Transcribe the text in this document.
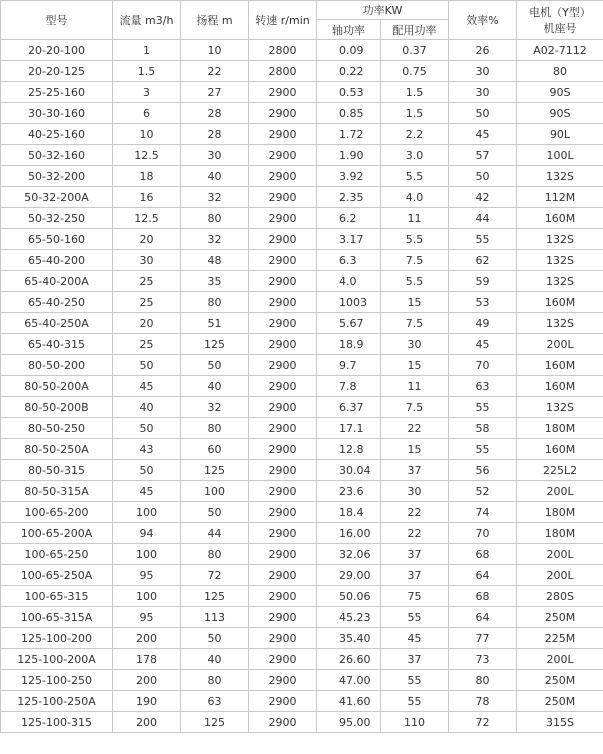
型号	流量 m3/h	扬程 m	转速 r/min	功率KW		效率%	电机（Y型）
机座号

				轴功率	配用功率		
20-20-100	1	10	2800	0.09	0.37	26	A02-7112
20-20-125	1.5	22	2800	0.22	0.75	30	80
25-25-160	3	27	2900	0.53	1.5	30	90S
30-30-160	6	28	2900	0.85	1.5	50	90S
40-25-160	10	28	2900	1.72	2.2	45	90L
50-32-160	12.5	30	2900	1.90	3.0	57	100L
50-32-200	18	40	2900	3.92	5.5	50	132S
50-32-200A	16	32	2900	2.35	4.0	42	112M
50-32-250	12.5	80	2900	6.2	11	44	160M
65-50-160	20	32	2900	3.17	5.5	55	132S
65-40-200	30	48	2900	6.3	7.5	62	132S
65-40-200A	25	35	2900	4.0	5.5	59	132S
65-40-250	25	80	2900	1003	15	53	160M
65-40-250A	20	51	2900	5.67	7.5	49	132S
65-40-315	25	125	2900	18.9	30	45	200L
80-50-200	50	50	2900	9.7	15	70	160M
80-50-200A	45	40	2900	7.8	11	63	160M
80-50-200B	40	32	2900	6.37	7.5	55	132S
80-50-250	50	80	2900	17.1	22	58	180M
80-50-250A	43	60	2900	12.8	15	55	160M
80-50-315	50	125	2900	30.04	37	56	225L2
80-50-315A	45	100	2900	23.6	30	52	200L
100-65-200	100	50	2900	18.4	22	74	180M
100-65-200A	94	44	2900	16.00	22	70	180M
100-65-250	100	80	2900	32.06	37	68	200L
100-65-250A	95	72	2900	29.00	37	64	200L
100-65-315	100	125	2900	50.06	75	68	280S
100-65-315A	95	113	2900	45.23	55	64	250M
125-100-200	200	50	2900	35.40	45	77	225M
125-100-200A	178	40	2900	26.60	37	73	200L
125-100-250	200	80	2900	47.00	55	80	250M
125-100-250A	190	63	2900	41.60	55	78	250M
125-100-315	200	125	2900	95.00	110	72	315S
